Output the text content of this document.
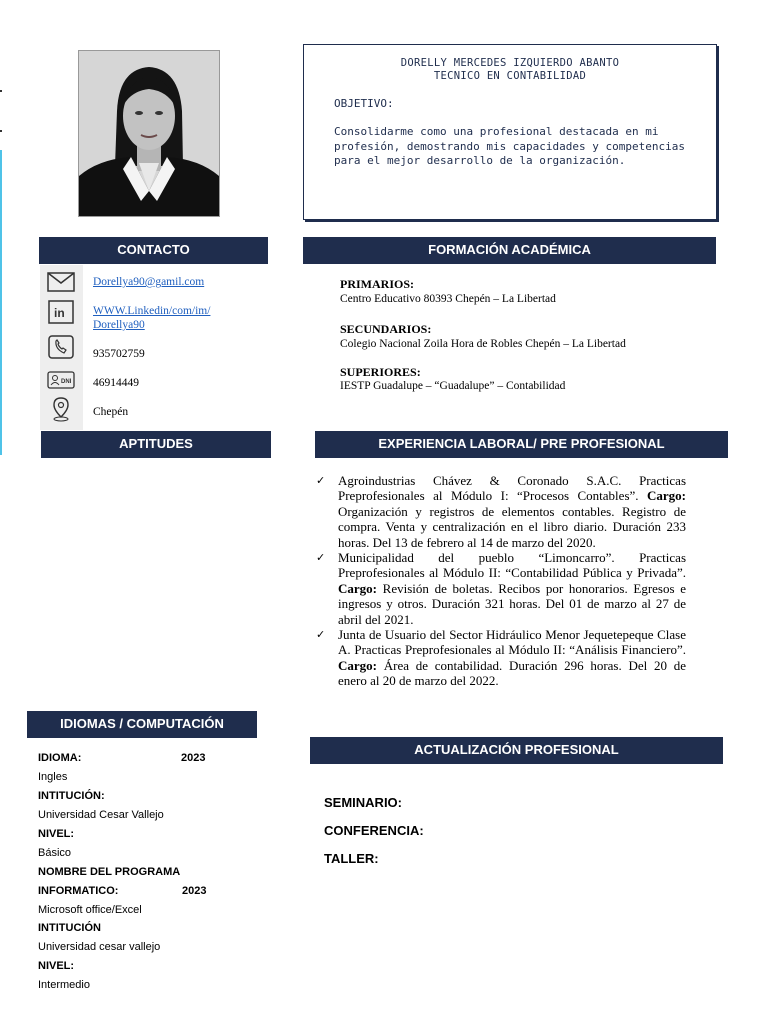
DORELLY MERCEDES IZQUIERDO ABANTO
TECNICO EN CONTABILIDAD
OBJETIVO:
Consolidarme como una profesional destacada en mi profesión, demostrando mis capacidades y competencias para el mejor desarrollo de la organización.
CONTACTO
Dorellya90@gamil.com
in WWW.Linkedin/com/im/
Dorellya90
935702759
DNI 46914449
Chepén
FORMACIÓN ACADÉMICA
PRIMARIOS:
Centro Educativo 80393 Chepén – La Libertad
SECUNDARIOS:
Colegio Nacional Zoila Hora de Robles Chepén – La Libertad
SUPERIORES:
IESTP Guadalupe – “Guadalupe” – Contabilidad
APTITUDES	EXPERIENCIA LABORAL/ PRE PROFESIONAL
✓ Agroindustrias Chávez & Coronado S.A.C. Practicas Preprofesionales al Módulo I: “Procesos Contables”. Cargo: Organización y registros de elementos contables. Registro de compra. Venta y centralización en el libro diario. Duración 233 horas. Del 13 de febrero al 14 de marzo del 2020.
✓ Municipalidad del pueblo “Limoncarro”. Practicas Preprofesionales al Módulo II: “Contabilidad Pública y Privada”. Cargo: Revisión de boletas. Recibos por honorarios. Egresos e ingresos y otros. Duración 321 horas. Del 01 de marzo al 27 de abril del 2021.
✓ Junta de Usuario del Sector Hidráulico Menor Jequetepeque Clase A. Practicas Preprofesionales al Módulo II: “Análisis Financiero”. Cargo: Área de contabilidad. Duración 296 horas. Del 20 de enero al 20 de marzo del 2022.
IDIOMAS / COMPUTACIÓN
IDIOMA:	2023
Ingles
INTITUCIÓN:
Universidad Cesar Vallejo
NIVEL:
Básico
NOMBRE DEL PROGRAMA
INFORMATICO:	2023
Microsoft office/Excel
INTITUCIÓN
Universidad cesar vallejo
NIVEL:
Intermedio
ACTUALIZACIÓN PROFESIONAL
SEMINARIO:
CONFERENCIA:
TALLER:
